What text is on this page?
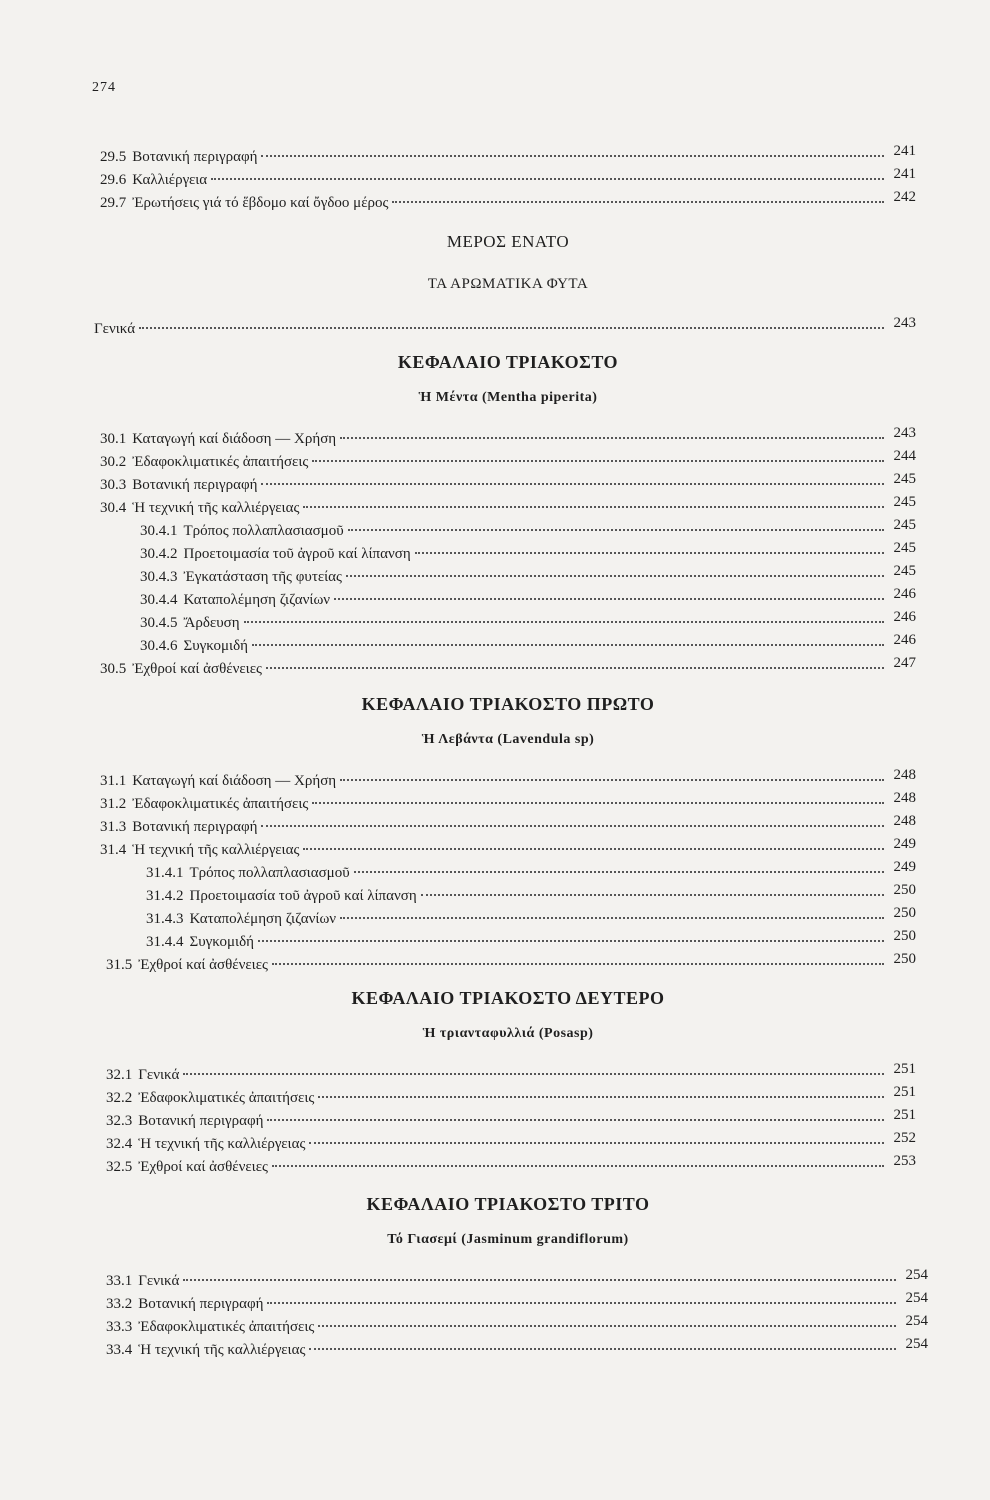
274
29.5 Βοτανική περιγραφή	241
29.6 Καλλιέργεια	241
29.7 Ἐρωτήσεις γιά τό ἕβδομο καί ὄγδοο μέρος	242
ΜΕΡΟΣ ΕΝΑΤΟ
ΤΑ ΑΡΩΜΑΤΙΚΑ ΦΥΤΑ
Γενικά	243
ΚΕΦΑΛΑΙΟ ΤΡΙΑΚΟΣΤΟ
Ἡ Μέντα (Mentha piperita)
30.1 Καταγωγή καί διάδοση — Χρήση	243
30.2 Ἐδαφοκλιματικές ἀπαιτήσεις	244
30.3 Βοτανική περιγραφή	245
30.4 Ἡ τεχνική τῆς καλλιέργειας	245
30.4.1 Τρόπος πολλαπλασιασμοῦ	245
30.4.2 Προετοιμασία τοῦ ἀγροῦ καί λίπανση	245
30.4.3 Ἐγκατάσταση τῆς φυτείας	245
30.4.4 Καταπολέμηση ζιζανίων	246
30.4.5 Ἄρδευση	246
30.4.6 Συγκομιδή	246
30.5 Ἐχθροί καί ἀσθένειες	247
ΚΕΦΑΛΑΙΟ ΤΡΙΑΚΟΣΤΟ ΠΡΩΤΟ
Ἡ Λεβάντα (Lavendula sp)
31.1 Καταγωγή καί διάδοση — Χρήση	248
31.2 Ἐδαφοκλιματικές ἀπαιτήσεις	248
31.3 Βοτανική περιγραφή	248
31.4 Ἡ τεχνική τῆς καλλιέργειας	249
31.4.1 Τρόπος πολλαπλασιασμοῦ	249
31.4.2 Προετοιμασία τοῦ ἀγροῦ καί λίπανση	250
31.4.3 Καταπολέμηση ζιζανίων	250
31.4.4 Συγκομιδή	250
31.5 Ἐχθροί καί ἀσθένειες	250
ΚΕΦΑΛΑΙΟ ΤΡΙΑΚΟΣΤΟ ΔΕΥΤΕΡΟ
Ἡ τριανταφυλλιά (Posasp)
32.1 Γενικά	251
32.2 Ἐδαφοκλιματικές ἀπαιτήσεις	251
32.3 Βοτανική περιγραφή	251
32.4 Ἡ τεχνική τῆς καλλιέργειας	252
32.5 Ἐχθροί καί ἀσθένειες	253
ΚΕΦΑΛΑΙΟ ΤΡΙΑΚΟΣΤΟ ΤΡΙΤΟ
Τό Γιασεμί (Jasminum grandiflorum)
33.1 Γενικά	254
33.2 Βοτανική περιγραφή	254
33.3 Ἐδαφοκλιματικές ἀπαιτήσεις	254
33.4 Ἡ τεχνική τῆς καλλιέργειας	254
